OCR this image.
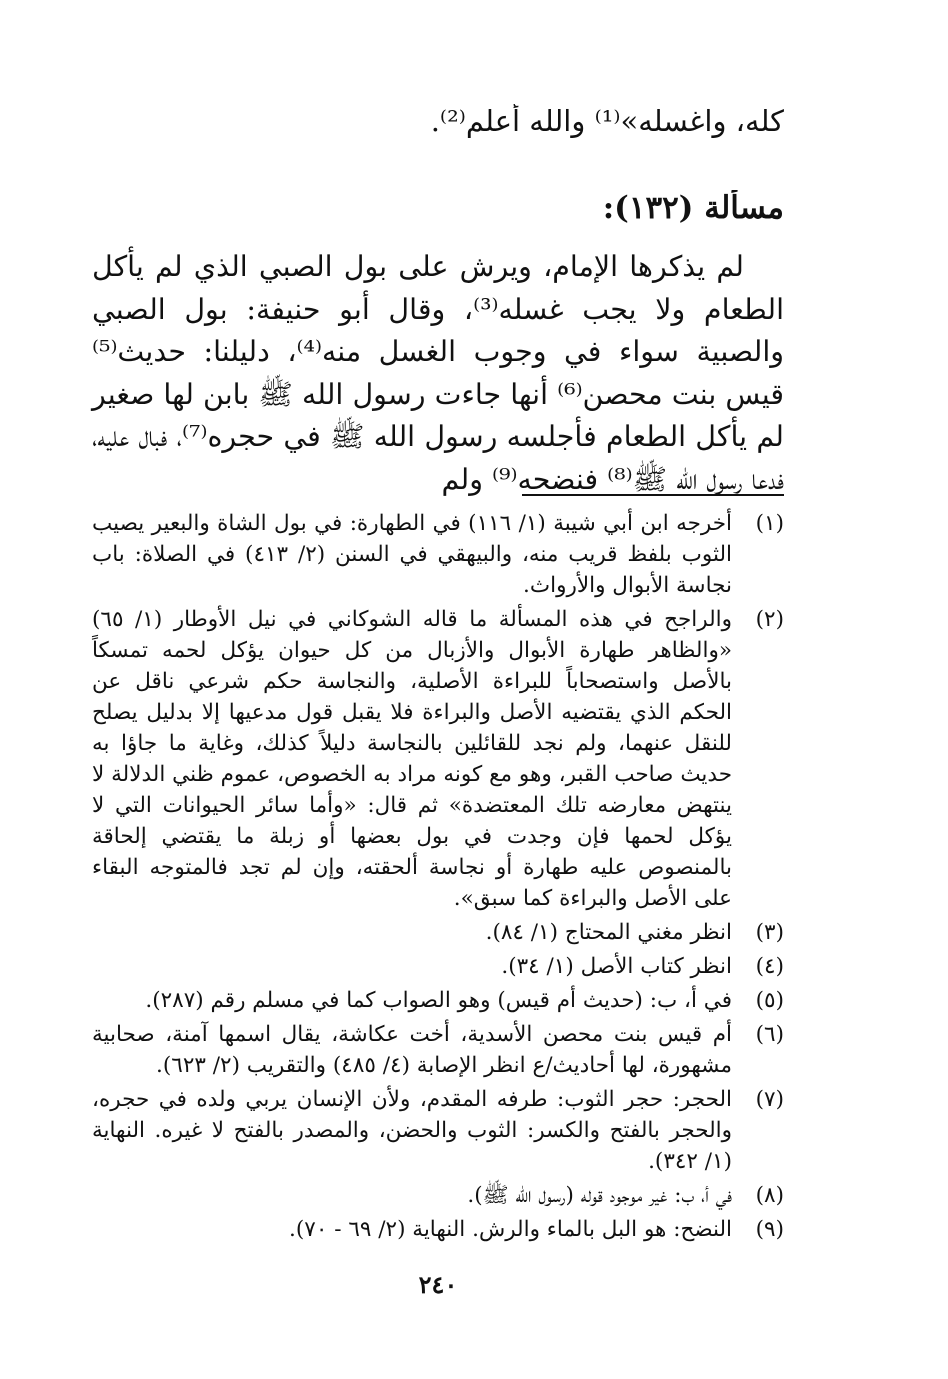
كله، واغسله»⁽¹⁾ والله أعلم⁽²⁾.
مسألة (١٣٢):

لم يذكرها الإمام، ويرش على بول الصبي الذي لم يأكل الطعام ولا يجب غسله⁽³⁾، وقال أبو حنيفة: بول الصبي والصبية سواء في وجوب الغسل منه⁽⁴⁾، دليلنا: حديث⁽⁵⁾ قيس بنت محصن⁽⁶⁾ أنها جاءت رسول الله ﷺ بابن لها صغير لم يأكل الطعام فأجلسه رسول الله ﷺ في حجره⁽⁷⁾، فبال عليه، فدعا رسول الله ﷺ⁽⁸⁾ فنضحه⁽⁹⁾ ولم

(١)
أخرجه ابن أبي شيبة (١/ ١١٦) في الطهارة: في بول الشاة والبعير يصيب الثوب بلفظ قريب منه، والبيهقي في السنن (٢/ ٤١٣) في الصلاة: باب نجاسة الأبوال والأرواث.
(٢)
والراجح في هذه المسألة ما قاله الشوكاني في نيل الأوطار (١/ ٦٥) «والظاهر طهارة الأبوال والأزبال من كل حيوان يؤكل لحمه تمسكاً بالأصل واستصحاباً للبراءة الأصلية، والنجاسة حكم شرعي ناقل عن الحكم الذي يقتضيه الأصل والبراءة فلا يقبل قول مدعيها إلا بدليل يصلح للنقل عنهما، ولم نجد للقائلين بالنجاسة دليلاً كذلك، وغاية ما جاؤا به حديث صاحب القبر، وهو مع كونه مراد به الخصوص، عموم ظني الدلالة لا ينتهض معارضه تلك المعتضدة» ثم قال: «وأما سائر الحيوانات التي لا يؤكل لحمها فإن وجدت في بول بعضها أو زبلة ما يقتضي إلحاقة بالمنصوص عليه طهارة أو نجاسة ألحقته، وإن لم تجد فالمتوجه البقاء على الأصل والبراءة كما سبق».
(٣)
انظر مغني المحتاج (١/ ٨٤).
(٤)
انظر كتاب الأصل (١/ ٣٤).
(٥)
في أ، ب: (حديث أم قيس) وهو الصواب كما في مسلم رقم (٢٨٧).
(٦)
أم قيس بنت محصن الأسدية، أخت عكاشة، يقال اسمها آمنة، صحابية مشهورة، لها أحاديث/ع انظر الإصابة (٤/ ٤٨٥) والتقريب (٢/ ٦٢٣).
(٧)
الحجر: حجر الثوب: طرفه المقدم، ولأن الإنسان يربي ولده في حجره، والحجر بالفتح والكسر: الثوب والحضن، والمصدر بالفتح لا غيره. النهاية (١/ ٣٤٢).
(٨)
في أ، ب: غير موجود قوله (رسول الله ﷺ).
(٩)
النضح: هو البل بالماء والرش. النهاية (٢/ ٦٩ - ٧٠).
٢٤٠
